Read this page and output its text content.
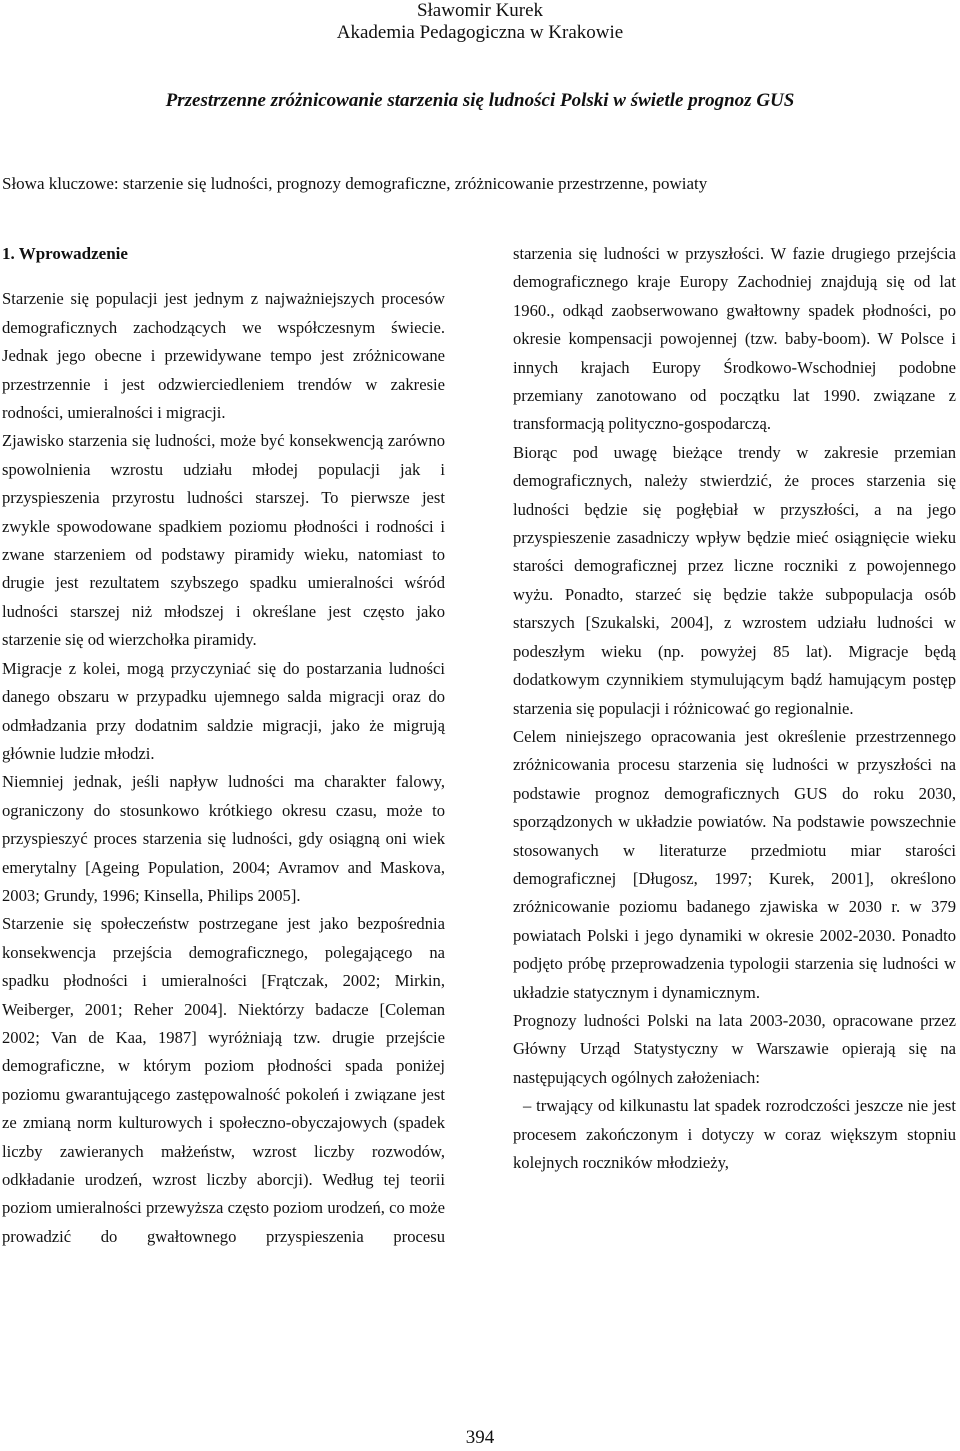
Sławomir Kurek
Akademia Pedagogiczna w Krakowie
Przestrzenne zróżnicowanie starzenia się ludności Polski w świetle prognoz GUS
Słowa kluczowe: starzenie się ludności, prognozy demograficzne, zróżnicowanie przestrzenne, powiaty
1. Wprowadzenie

Starzenie się populacji jest jednym z najważniejszych procesów demograficznych zachodzących we współczesnym świecie. Jednak jego obecne i przewidywane tempo jest zróżnicowane przestrzennie i jest odzwierciedleniem trendów w zakresie rodności, umieralności i migracji.

Zjawisko starzenia się ludności, może być konsekwencją zarówno spowolnienia wzrostu udziału młodej populacji jak i przyspieszenia przyrostu ludności starszej. To pierwsze jest zwykle spowodowane spadkiem poziomu płodności i rodności i zwane starzeniem od podstawy piramidy wieku, natomiast to drugie jest rezultatem szybszego spadku umieralności wśród ludności starszej niż młodszej i określane jest często jako starzenie się od wierzchołka piramidy.

Migracje z kolei, mogą przyczyniać się do postarzania ludności danego obszaru w przypadku ujemnego salda migracji oraz do odmładzania przy dodatnim saldzie migracji, jako że migrują głównie ludzie młodzi.

Niemniej jednak, jeśli napływ ludności ma charakter falowy, ograniczony do stosunkowo krótkiego okresu czasu, może to przyspieszyć proces starzenia się ludności, gdy osiągną oni wiek emerytalny [Ageing Population, 2004; Avramov and Maskova, 2003; Grundy, 1996; Kinsella, Philips 2005].

Starzenie się społeczeństw postrzegane jest jako bezpośrednia konsekwencja przejścia demograficznego, polegającego na spadku płodności i umieralności [Frątczak, 2002; Mirkin, Weiberger, 2001; Reher 2004]. Niektórzy badacze [Coleman 2002; Van de Kaa, 1987] wyróżniają tzw. drugie przejście demograficzne, w którym poziom płodności spada poniżej poziomu gwarantującego zastępowalność pokoleń i związane jest ze zmianą norm kulturowych i społeczno-obyczajowych (spadek liczby zawieranych małżeństw, wzrost liczby rozwodów, odkładanie urodzeń, wzrost liczby aborcji). Według tej teorii poziom umieralności przewyższa często poziom urodzeń, co może prowadzić do gwałtownego przyspieszenia procesu

starzenia się ludności w przyszłości. W fazie drugiego przejścia demograficznego kraje Europy Zachodniej znajdują się od lat 1960., odkąd zaobserwowano gwałtowny spadek płodności, po okresie kompensacji powojennej (tzw. baby-boom). W Polsce i innych krajach Europy Środkowo-Wschodniej podobne przemiany zanotowano od początku lat 1990. związane z transformacją polityczno-gospodarczą.

Biorąc pod uwagę bieżące trendy w zakresie przemian demograficznych, należy stwierdzić, że proces starzenia się ludności będzie się pogłębiał w przyszłości, a na jego przyspieszenie zasadniczy wpływ będzie mieć osiągnięcie wieku starości demograficznej przez liczne roczniki z powojennego wyżu. Ponadto, starzeć się będzie także subpopulacja osób starszych [Szukalski, 2004], z wzrostem udziału ludności w podeszłym wieku (np. powyżej 85 lat). Migracje będą dodatkowym czynnikiem stymulującym bądź hamującym postęp starzenia się populacji i różnicować go regionalnie.

Celem niniejszego opracowania jest określenie przestrzennego zróżnicowania procesu starzenia się ludności w przyszłości na podstawie prognoz demograficznych GUS do roku 2030, sporządzonych w układzie powiatów. Na podstawie powszechnie stosowanych w literaturze przedmiotu miar starości demograficznej [Długosz, 1997; Kurek, 2001], określono zróżnicowanie poziomu badanego zjawiska w 2030 r. w 379 powiatach Polski i jego dynamiki w okresie 2002-2030. Ponadto podjęto próbę przeprowadzenia typologii starzenia się ludności w układzie statycznym i dynamicznym.

Prognozy ludności Polski na lata 2003-2030, opracowane przez Główny Urząd Statystyczny w Warszawie opierają się na następujących ogólnych założeniach:

– trwający od kilkunastu lat spadek rozrodczości jeszcze nie jest procesem zakończonym i dotyczy w coraz większym stopniu kolejnych roczników młodzieży,

394
